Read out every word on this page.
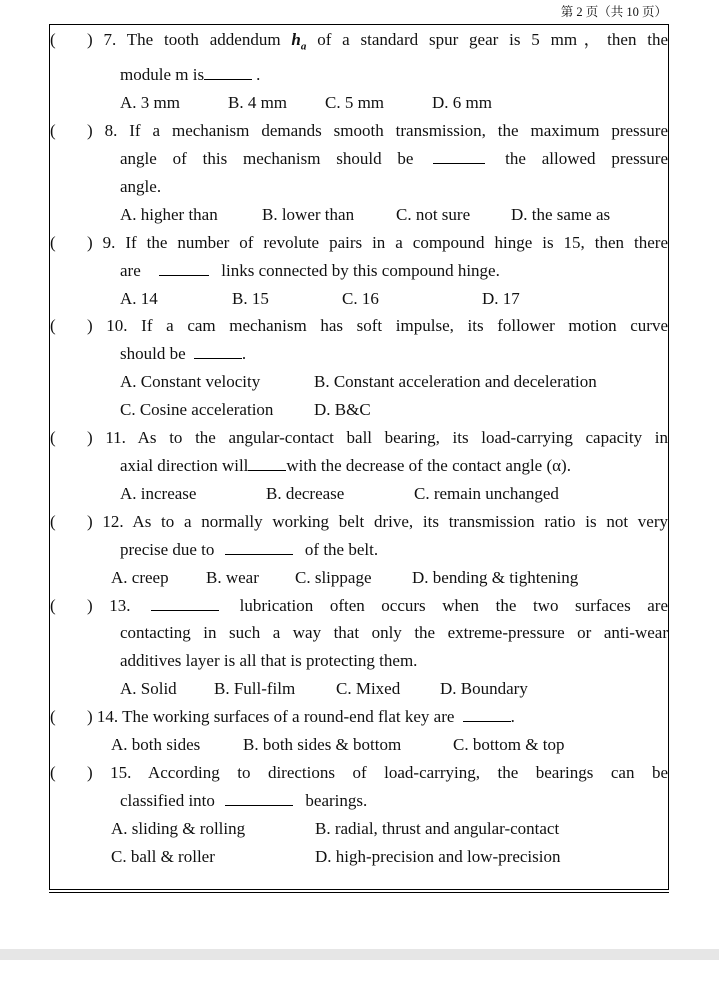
第 2 页（共 10 页）
( ) 7. The tooth addendum $h_a$ of a standard spur gear is 5 mm，then the
module m is	.
A. 3 mm	B. 4 mm C. 5 mm	D. 6 mm
( ) 8. If a mechanism demands smooth transmission, the maximum pressure
angle of this mechanism should be	the allowed pressure
angle.
A. higher than	B. lower than C. not sure D. the same as
( ) 9. If the number of revolute pairs in a compound hinge is 15, then there
are	links connected by this compound hinge.
A. 14	B. 15	C. 16	D. 17
( ) 10. If a cam mechanism has soft impulse, its follower motion curve
should be	.
A. Constant velocity	B. Constant acceleration and deceleration
C. Cosine acceleration D. B&C
( ) 11. As to the angular-contact ball bearing, its load-carrying capacity in
axial direction will with the decrease of the contact angle (α).
A. increase	B. decrease	C. remain unchanged
( ) 12. As to a normally working belt drive, its transmission ratio is not very
precise due to	of the belt.
A. creep B. wear C. slippage D. bending & tightening
( ) 13.	lubrication often occurs when the two surfaces are
contacting in such a way that only the extreme-pressure or anti-wear
additives layer is all that is protecting them.
A. Solid B. Full-film C. Mixed D. Boundary
( ) 14. The working surfaces of a round-end flat key are	.
A. both sides	B. both sides & bottom	C. bottom & top
( ) 15. According to directions of load-carrying, the bearings can be
classified into	bearings.
A. sliding & rolling	B. radial, thrust and angular-contact
C. ball & roller	D. high-precision and low-precision
